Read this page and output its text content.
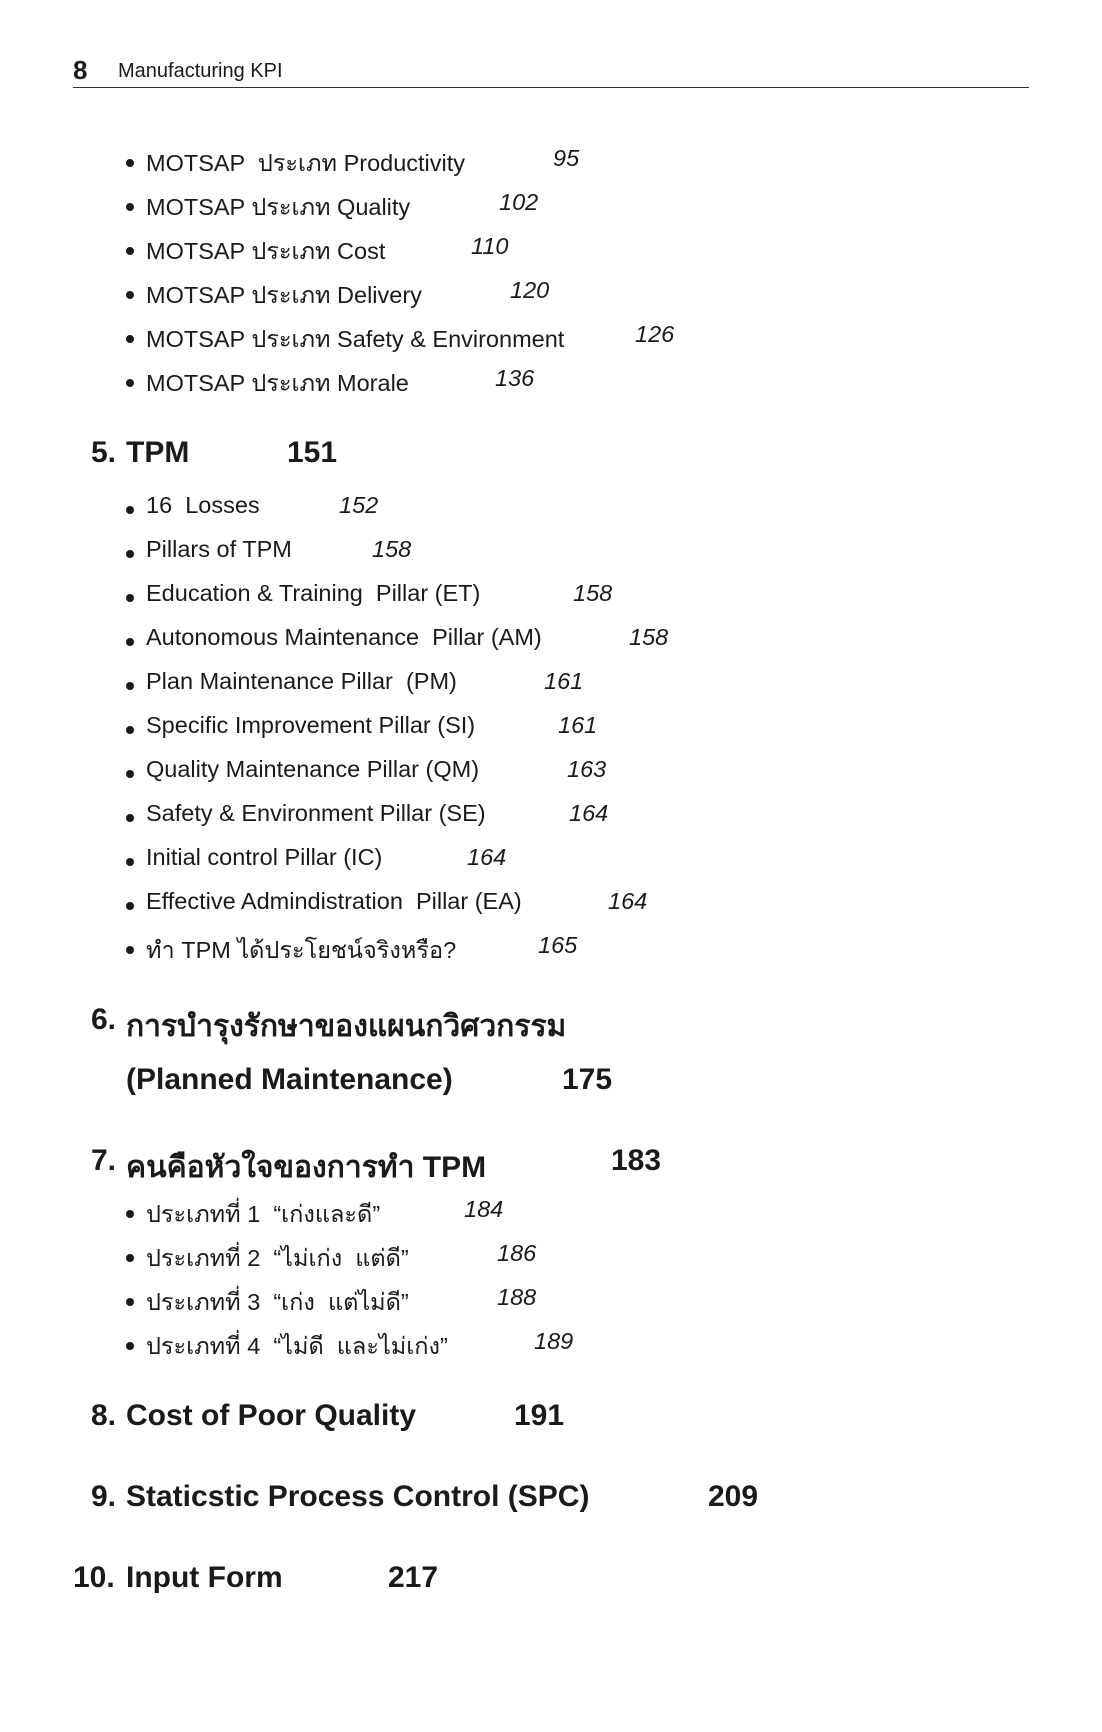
8 Manufacturing KPI
MOTSAP  ประเภท Productivity	95
MOTSAP ประเภท Quality	102
MOTSAP ประเภท Cost	110
MOTSAP ประเภท Delivery	120
MOTSAP ประเภท Safety & Environment	126
MOTSAP ประเภท Morale	136
5. TPM	151
16  Losses	152
Pillars of TPM	158
Education & Training  Pillar (ET)	158
Autonomous Maintenance  Pillar (AM)	158
Plan Maintenance Pillar  (PM)	161
Specific Improvement Pillar (SI)	161
Quality Maintenance Pillar (QM)	163
Safety & Environment Pillar (SE)	164
Initial control Pillar (IC)	164
Effective Admindistration  Pillar (EA)	164
ทำ TPM ได้ประโยชน์จริงหรือ?	165
6. การบำรุงรักษาของแผนกวิศวกรรม
(Planned Maintenance)	175
7. คนคือหัวใจของการทำ TPM	183
ประเภทที่ 1  “เก่งและดี”	184
ประเภทที่ 2  “ไม่เก่ง  แต่ดี”	186
ประเภทที่ 3  “เก่ง  แต่ไม่ดี”	188
ประเภทที่ 4  “ไม่ดี  และไม่เก่ง”	189
8. Cost of Poor Quality	191
9. Staticstic Process Control (SPC)	209
10. Input Form	217
